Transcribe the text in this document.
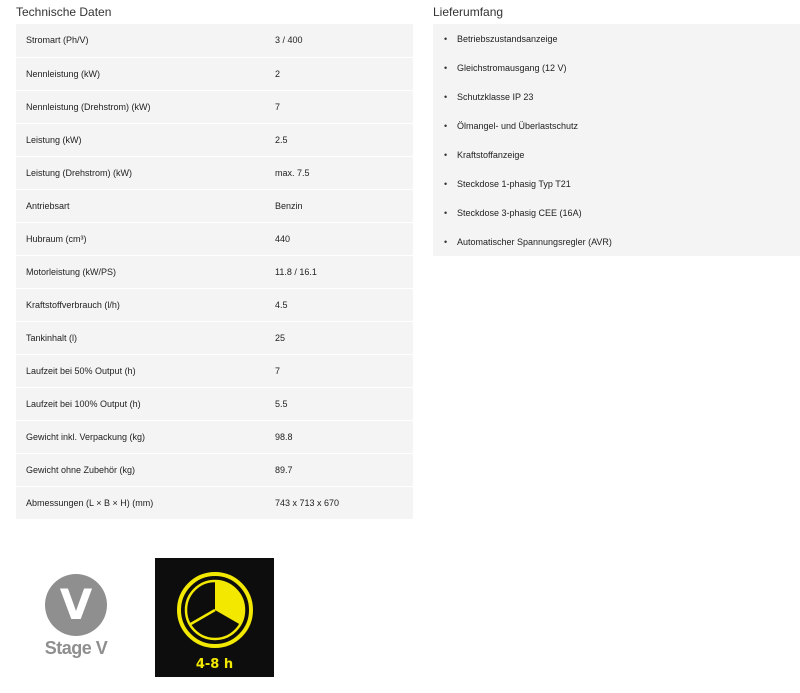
Technische Daten
Stromart (Ph/V)	3 / 400
Nennleistung (kW)	2
Nennleistung (Drehstrom) (kW)	7
Leistung (kW)	2.5
Leistung (Drehstrom) (kW)	max. 7.5
Antriebsart	Benzin
Hubraum (cm³)	440
Motorleistung (kW/PS)	11.8 / 16.1
Kraftstoffverbrauch (l/h)	4.5
Tankinhalt (l)	25
Laufzeit bei 50% Output (h)	7
Laufzeit bei 100% Output (h)	5.5
Gewicht inkl. Verpackung (kg)	98.8
Gewicht ohne Zubehör (kg)	89.7
Abmessungen (L × B × H) (mm)	743 x 713 x 670
Lieferumfang
•	Betriebszustandsanzeige
•	Gleichstromausgang (12 V)
•	Schutzklasse IP 23
•	Ölmangel- und Überlastschutz
•	Kraftstoffanzeige
•	Steckdose 1-phasig Typ T21
•	Steckdose 3-phasig CEE (16A)
•	Automatischer Spannungsregler (AVR)
V
Stage V
4-8 h
